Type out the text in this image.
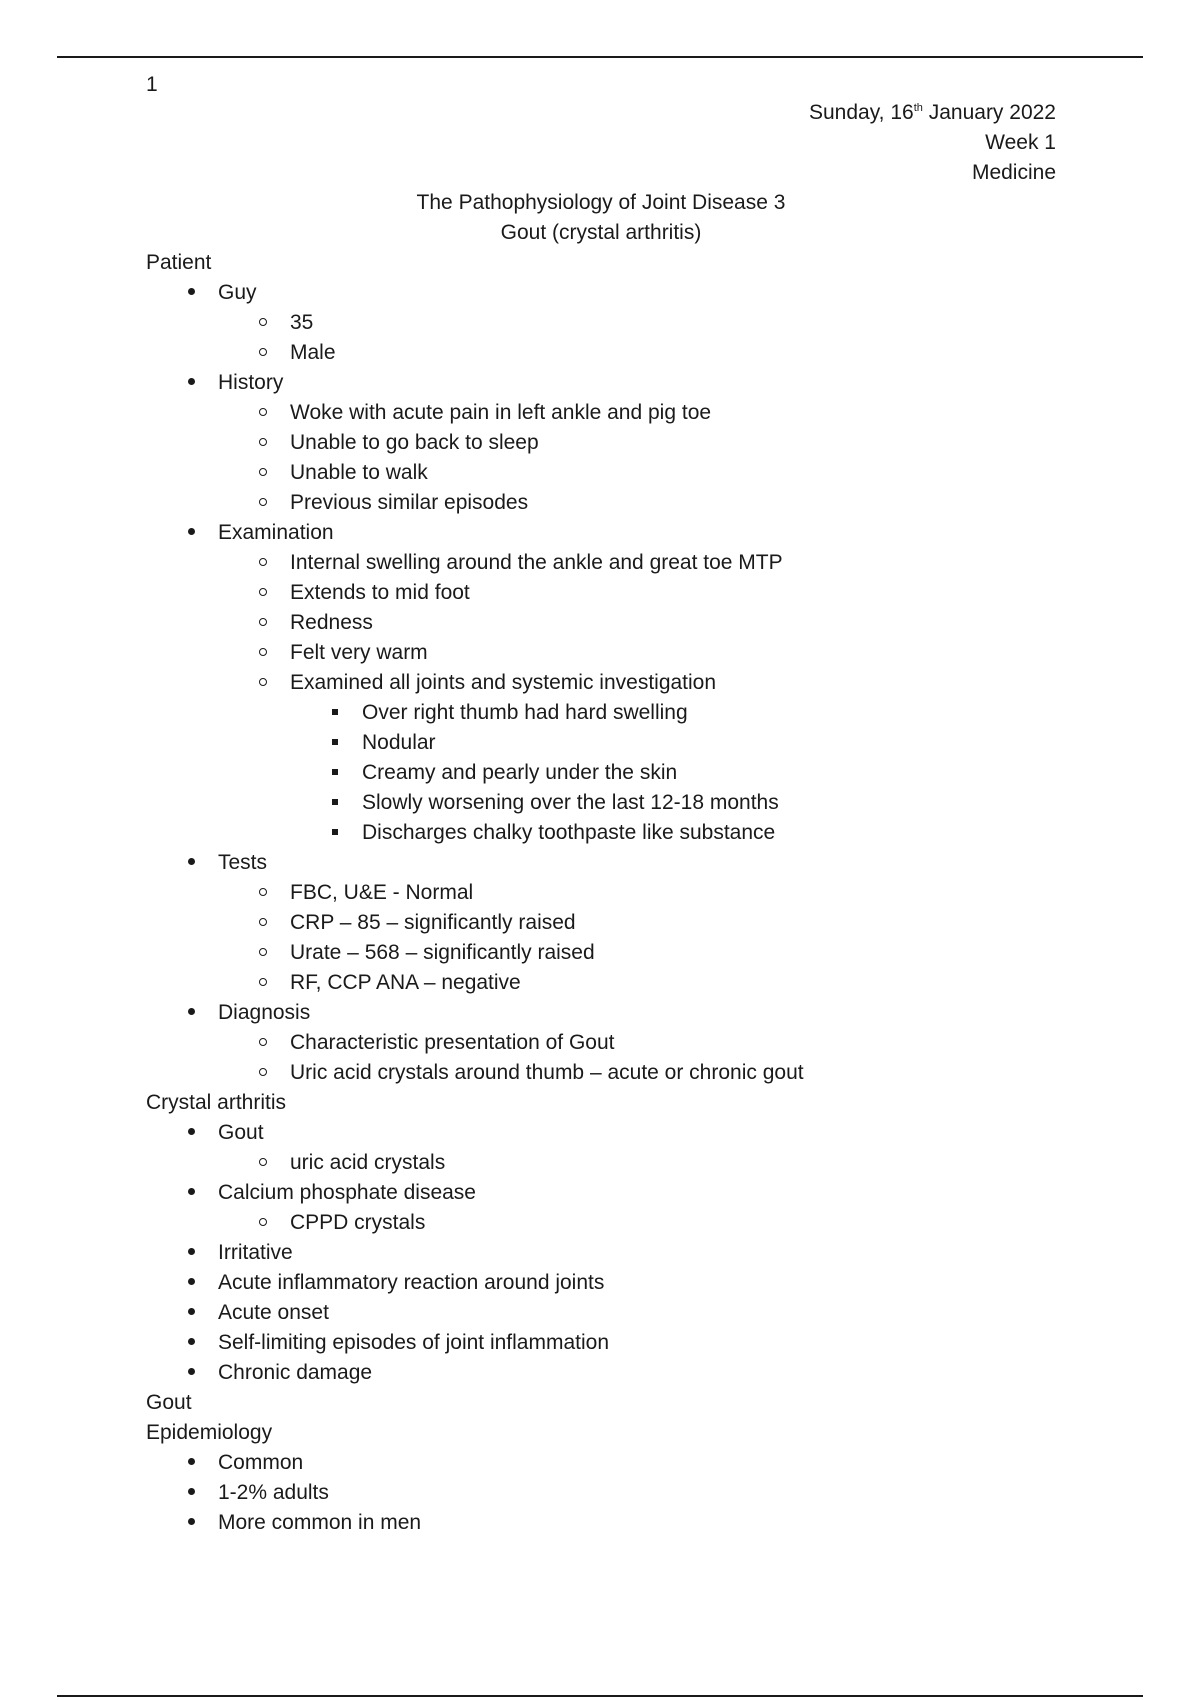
1
Sunday, 16th January 2022
Week 1
Medicine
The Pathophysiology of Joint Disease 3
Gout (crystal arthritis)
Patient
Guy
35
Male
History
Woke with acute pain in left ankle and pig toe
Unable to go back to sleep
Unable to walk
Previous similar episodes
Examination
Internal swelling around the ankle and great toe MTP
Extends to mid foot
Redness
Felt very warm
Examined all joints and systemic investigation
Over right thumb had hard swelling
Nodular
Creamy and pearly under the skin
Slowly worsening over the last 12-18 months
Discharges chalky toothpaste like substance
Tests
FBC, U&E - Normal
CRP – 85 – significantly raised
Urate – 568 – significantly raised
RF, CCP ANA – negative
Diagnosis
Characteristic presentation of Gout
Uric acid crystals around thumb – acute or chronic gout
Crystal arthritis
Gout
uric acid crystals
Calcium phosphate disease
CPPD crystals
Irritative
Acute inflammatory reaction around joints
Acute onset
Self-limiting episodes of joint inflammation
Chronic damage
Gout
Epidemiology
Common
1-2% adults
More common in men
